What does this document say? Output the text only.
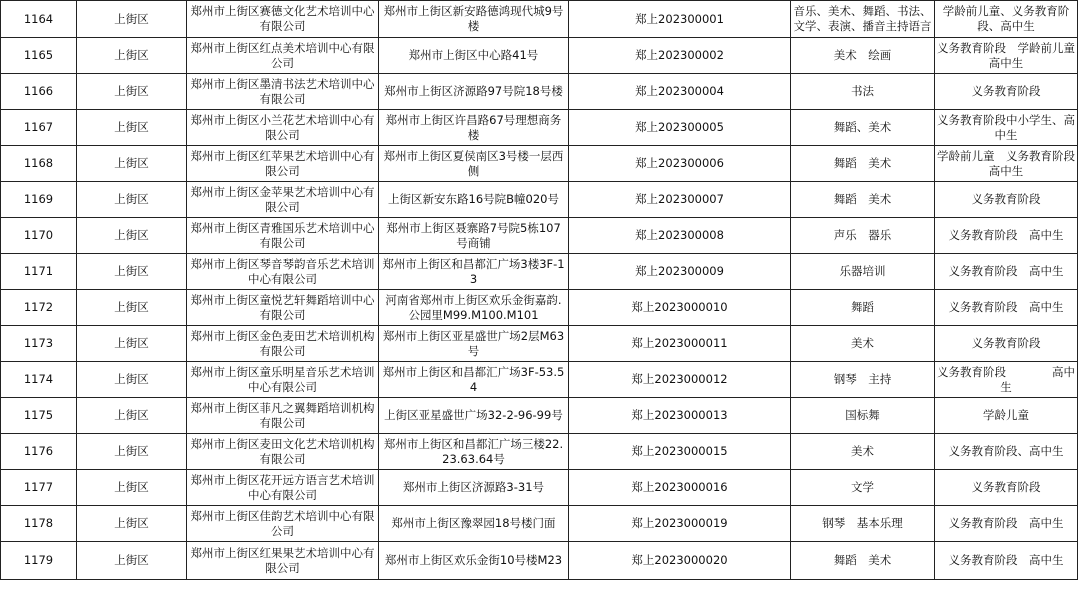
1164	上街区	郑州市上街区赛德文化艺术培训中心有限公司	郑州市上街区新安路德鸿现代城9号楼	郑上202300001	音乐、美术、舞蹈、书法、文学、表演、播音主持语言	学龄前儿童、义务教育阶段、高中生
1165	上街区	郑州市上街区红点美术培训中心有限公司	郑州市上街区中心路41号	郑上202300002	美术　绘画	义务教育阶段　学龄前儿童　高中生
1166	上街区	郑州市上街区墨清书法艺术培训中心有限公司	郑州市上街区济源路97号院18号楼	郑上202300004	书法	义务教育阶段
1167	上街区	郑州市上街区小兰花艺术培训中心有限公司	郑州市上街区许昌路67号理想商务楼	郑上202300005	舞蹈、美术	义务教育阶段中小学生、高中生
1168	上街区	郑州市上街区红苹果艺术培训中心有限公司	郑州市上街区夏侯南区3号楼一层西侧	郑上202300006	舞蹈　美术	学龄前儿童　义务教育阶段　高中生
1169	上街区	郑州市上街区金苹果艺术培训中心有限公司	上街区新安东路16号院B幢020号	郑上202300007	舞蹈　美术	义务教育阶段
1170	上街区	郑州市上街区青雅国乐艺术培训中心有限公司	郑州市上街区聂寨路7号院5栋107号商铺	郑上202300008	声乐　器乐	义务教育阶段　高中生
1171	上街区	郑州市上街区琴音琴韵音乐艺术培训中心有限公司	郑州市上街区和昌都汇广场3楼3F-13	郑上202300009	乐器培训	义务教育阶段　高中生
1172	上街区	郑州市上街区童悦艺轩舞蹈培训中心有限公司	河南省郑州市上街区欢乐金街嘉韵.公园里M99.M100.M101	郑上2023000010	舞蹈	义务教育阶段　高中生
1173	上街区	郑州市上街区金色麦田艺术培训机构有限公司	郑州市上街区亚星盛世广场2层M63号	郑上2023000011	美术	义务教育阶段
1174	上街区	郑州市上街区童乐明星音乐艺术培训中心有限公司	郑州市上街区和昌都汇广场3F-53.54	郑上2023000012	钢琴　主持	义务教育阶段　　　　高中生
1175	上街区	郑州市上街区菲凡之翼舞蹈培训机构有限公司	上街区亚星盛世广场32-2-96-99号	郑上2023000013	国标舞	学龄儿童
1176	上街区	郑州市上街区麦田文化艺术培训机构有限公司	郑州市上街区和昌都汇广场三楼22.23.63.64号	郑上2023000015	美术	义务教育阶段、高中生
1177	上街区	郑州市上街区花开远方语言艺术培训中心有限公司	郑州市上街区济源路3-31号	郑上2023000016	文学	义务教育阶段
1178	上街区	郑州市上街区佳韵艺术培训中心有限公司	郑州市上街区豫翠园18号楼门面	郑上2023000019	钢琴　基本乐理	义务教育阶段　高中生
1179	上街区	郑州市上街区红果果艺术培训中心有限公司	郑州市上街区欢乐金街10号楼M23	郑上2023000020	舞蹈　美术	义务教育阶段　高中生
